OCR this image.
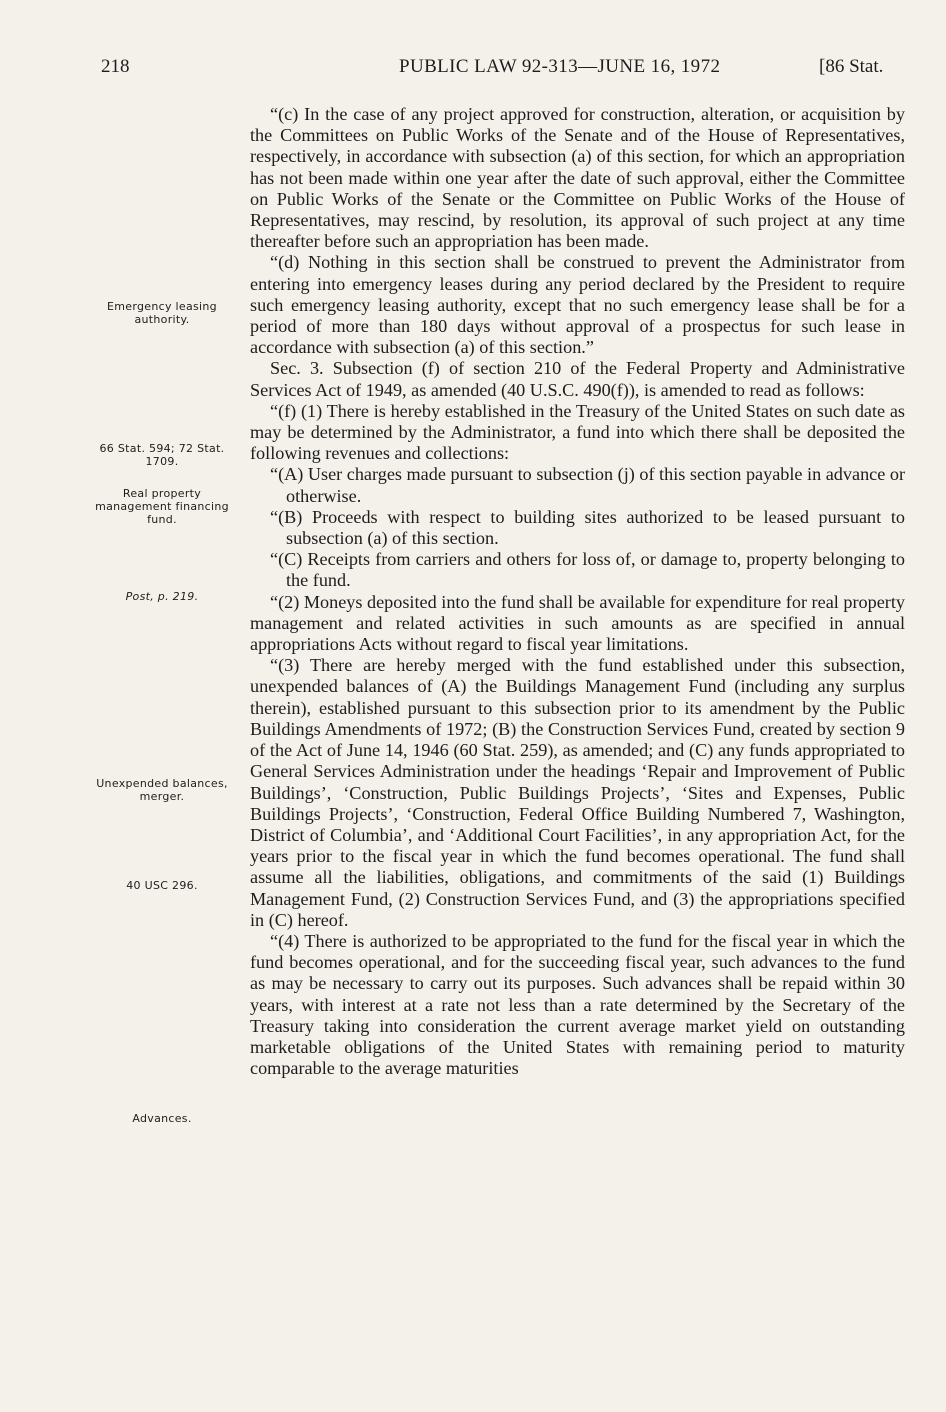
218	PUBLIC LAW 92-313—JUNE 16, 1972	[86 Stat.
Emergency leasing authority.
66 Stat. 594; 72 Stat. 1709.
Real property management financing fund.
Post, p. 219.
Unexpended balances, merger.
40 USC 296.
Advances.

“(c) In the case of any project approved for construction, alteration, or acquisition by the Committees on Public Works of the Senate and of the House of Representatives, respectively, in accordance with subsection (a) of this section, for which an appropriation has not been made within one year after the date of such approval, either the Committee on Public Works of the Senate or the Committee on Public Works of the House of Representatives, may rescind, by resolution, its approval of such project at any time thereafter before such an appropriation has been made.

“(d) Nothing in this section shall be construed to prevent the Administrator from entering into emergency leases during any period declared by the President to require such emergency leasing authority, except that no such emergency lease shall be for a period of more than 180 days without approval of a prospectus for such lease in accordance with subsection (a) of this section.”

Sec. 3. Subsection (f) of section 210 of the Federal Property and Administrative Services Act of 1949, as amended (40 U.S.C. 490(f)), is amended to read as follows:

“(f) (1) There is hereby established in the Treasury of the United States on such date as may be determined by the Administrator, a fund into which there shall be deposited the following revenues and collections:

“(A) User charges made pursuant to subsection (j) of this section payable in advance or otherwise.

“(B) Proceeds with respect to building sites authorized to be leased pursuant to subsection (a) of this section.

“(C) Receipts from carriers and others for loss of, or damage to, property belonging to the fund.

“(2) Moneys deposited into the fund shall be available for expenditure for real property management and related activities in such amounts as are specified in annual appropriations Acts without regard to fiscal year limitations.

“(3) There are hereby merged with the fund established under this subsection, unexpended balances of (A) the Buildings Management Fund (including any surplus therein), established pursuant to this subsection prior to its amendment by the Public Buildings Amendments of 1972; (B) the Construction Services Fund, created by section 9 of the Act of June 14, 1946 (60 Stat. 259), as amended; and (C) any funds appropriated to General Services Administration under the headings ‘Repair and Improvement of Public Buildings’, ‘Construction, Public Buildings Projects’, ‘Sites and Expenses, Public Buildings Projects’, ‘Construction, Federal Office Building Numbered 7, Washington, District of Columbia’, and ‘Additional Court Facilities’, in any appropriation Act, for the years prior to the fiscal year in which the fund becomes operational. The fund shall assume all the liabilities, obligations, and commitments of the said (1) Buildings Management Fund, (2) Construction Services Fund, and (3) the appropriations specified in (C) hereof.

“(4) There is authorized to be appropriated to the fund for the fiscal year in which the fund becomes operational, and for the succeeding fiscal year, such advances to the fund as may be necessary to carry out its purposes. Such advances shall be repaid within 30 years, with interest at a rate not less than a rate determined by the Secretary of the Treasury taking into consideration the current average market yield on outstanding marketable obligations of the United States with remaining period to maturity comparable to the average maturities
